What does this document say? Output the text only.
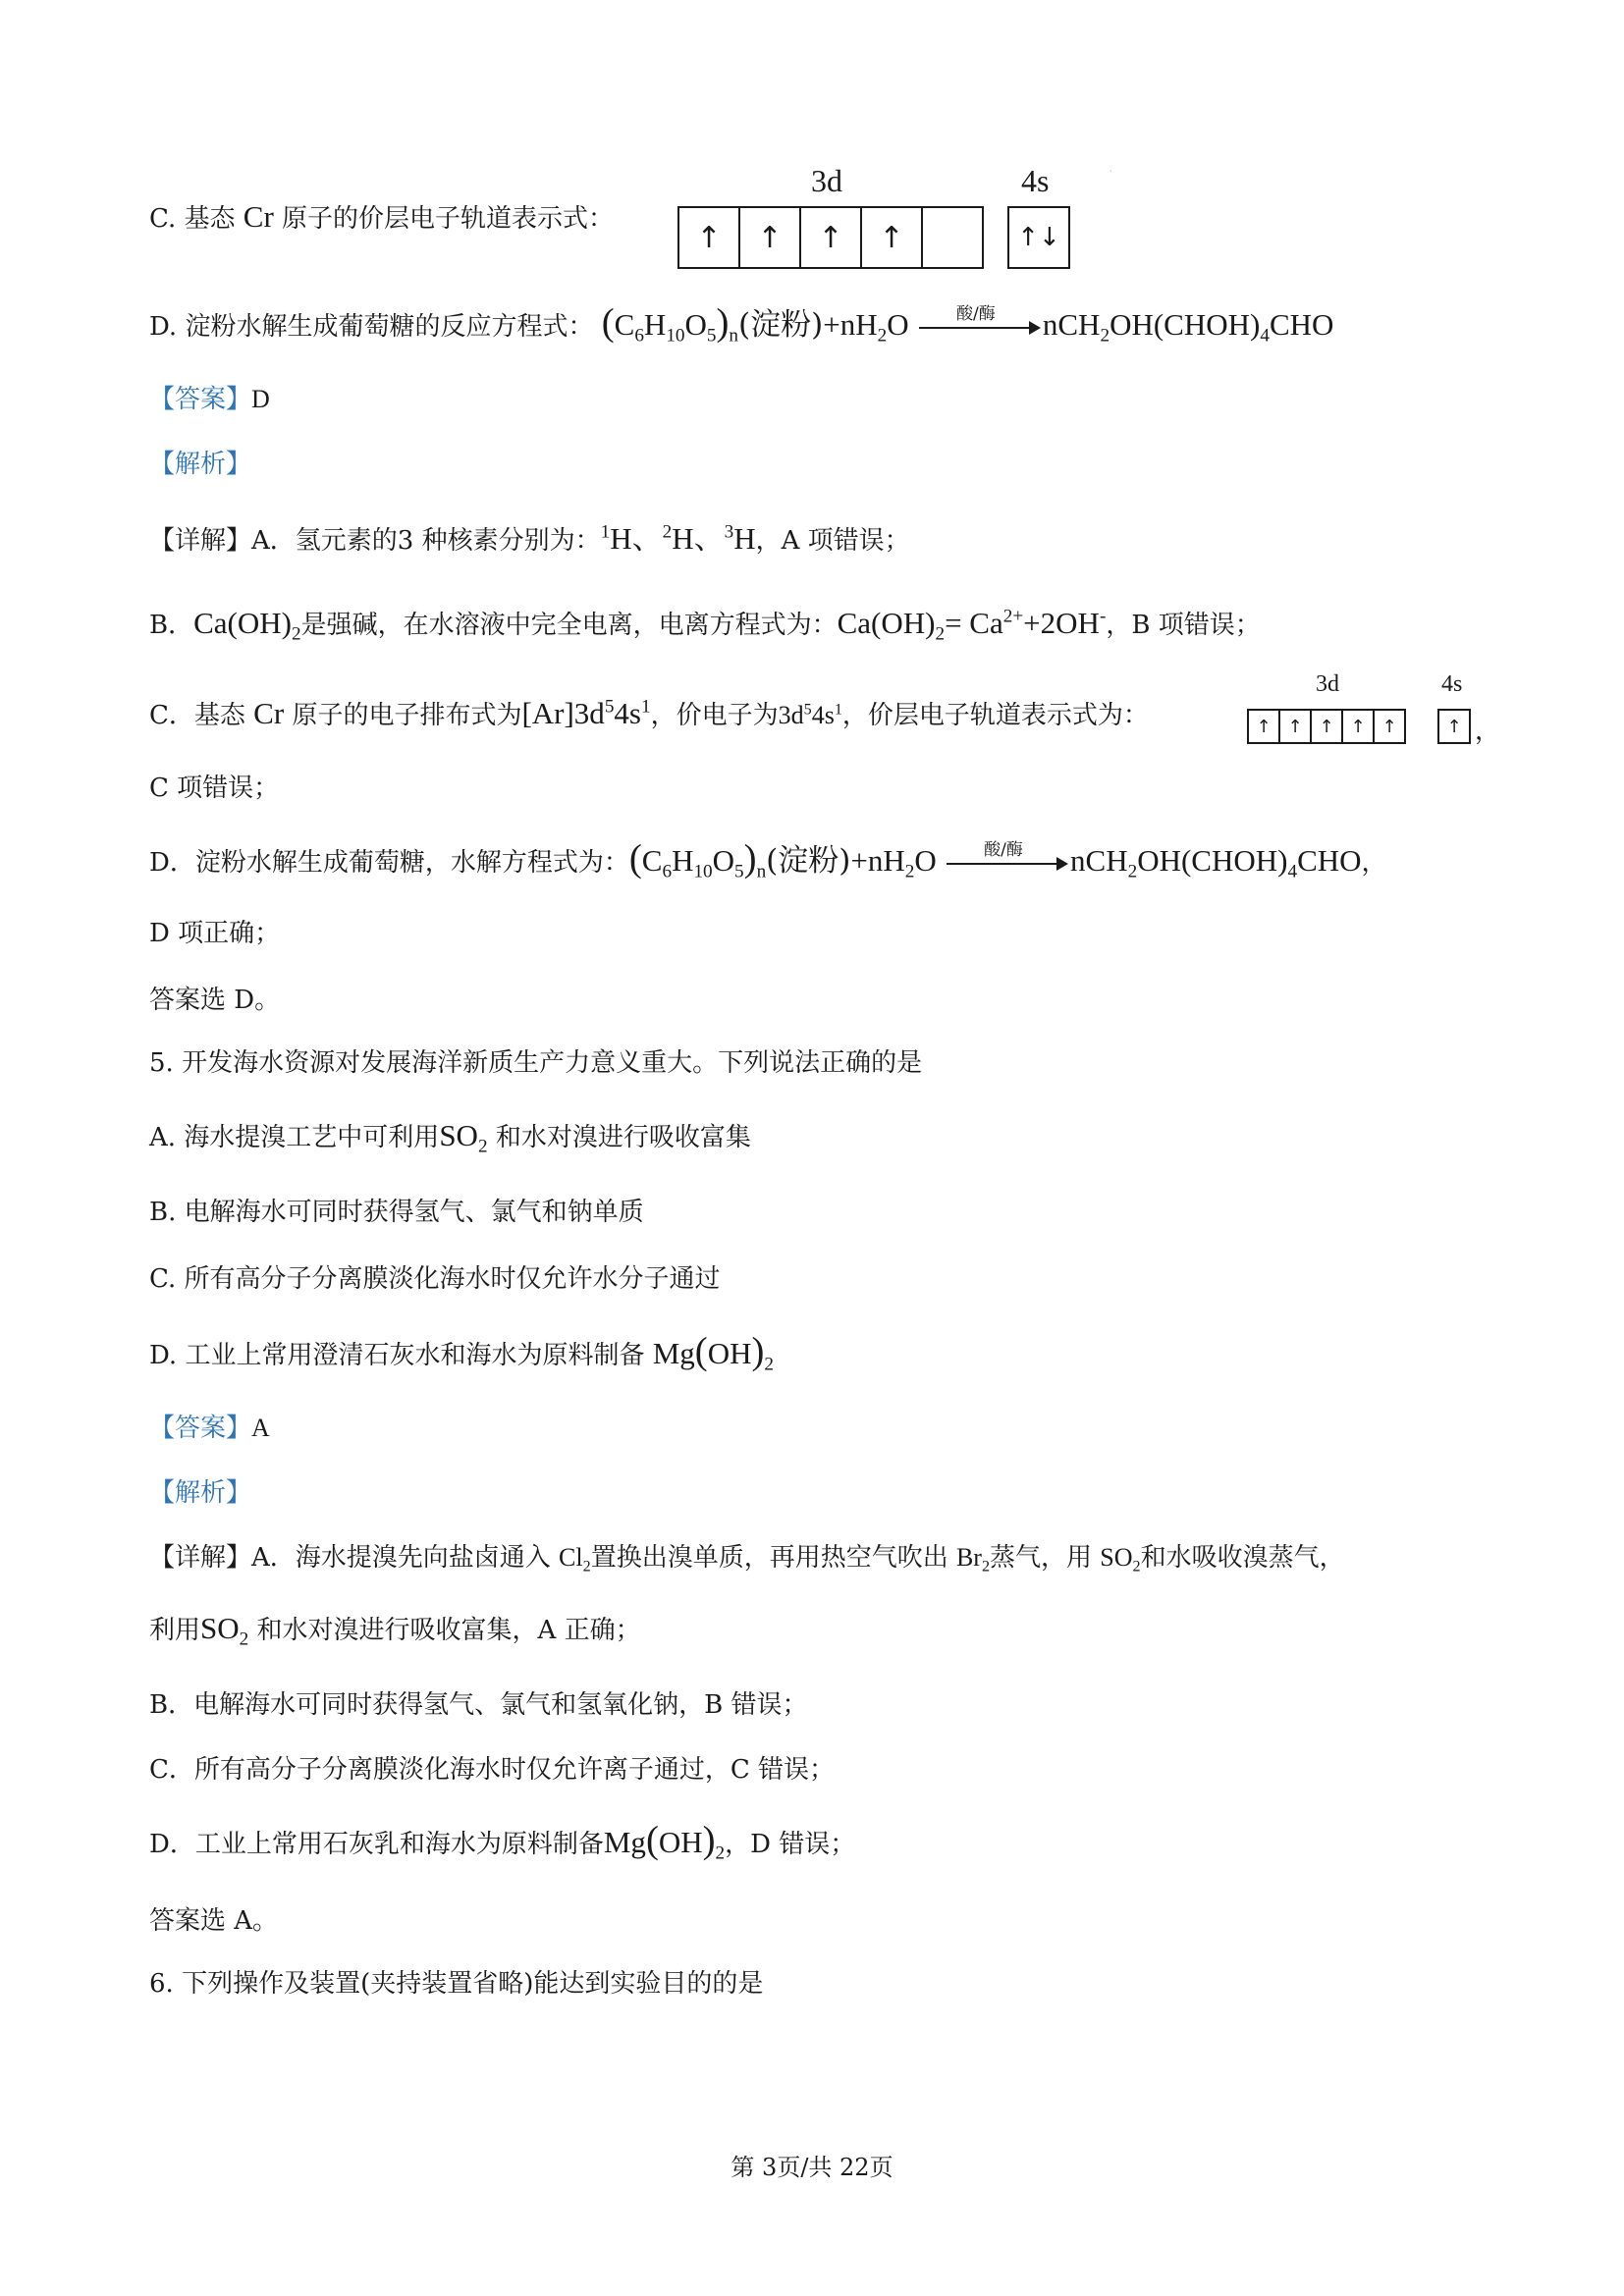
C. 基态 Cr 原子的价层电子轨道表示式：
3d	4s
↑	↑	↑	↑	↑↓
·
D. 淀粉水解生成葡萄糖的反应方程式： $(C_6H_{10}O_5)_n$(淀粉)$+nH_2O$	酸/酶	$nCH_2OH(CHOH)_4CHO$
【答案】D
【解析】
【详解】A．氢元素的3 种核素分别为：$^1$H、$^2$H、$^3$H，A 项错误；
B．$Ca(OH)_2$是强碱，在水溶液中完全电离，电离方程式为：$Ca(OH)_2= Ca^{2+}+2OH^-$，B 项错误；
C．基态 Cr 原子的电子排布式为$[Ar]3d^54s^1$，价电子为$3d^54s^1$，价层电子轨道表示式为：
3d	4s
↑ ↑ ↑ ↑ ↑	↑ ，
C 项错误；
D．淀粉水解生成葡萄糖，水解方程式为：$(C_6H_{10}O_5)_n$(淀粉)$+nH_2O$	酸/酶	$nCH_2OH(CHOH)_4CHO$，
D 项正确；
答案选 D。
5. 开发海水资源对发展海洋新质生产力意义重大。下列说法正确的是
A. 海水提溴工艺中可利用$SO_2$ 和水对溴进行吸收富集
B. 电解海水可同时获得氢气、氯气和钠单质
C. 所有高分子分离膜淡化海水时仅允许水分子通过
D. 工业上常用澄清石灰水和海水为原料制备 $Mg(OH)_2$
【答案】A
【解析】
【详解】A．海水提溴先向盐卤通入 $Cl_2$置换出溴单质，再用热空气吹出 $Br_2$蒸气，用 $SO_2$和水吸收溴蒸气，
利用$SO_2$ 和水对溴进行吸收富集，A 正确；
B．电解海水可同时获得氢气、氯气和氢氧化钠，B 错误；
C．所有高分子分离膜淡化海水时仅允许离子通过，C 错误；
D．工业上常用石灰乳和海水为原料制备$Mg(OH)_2$，D 错误；
答案选 A。
6. 下列操作及装置(夹持装置省略)能达到实验目的的是
第 3页/共 22页
